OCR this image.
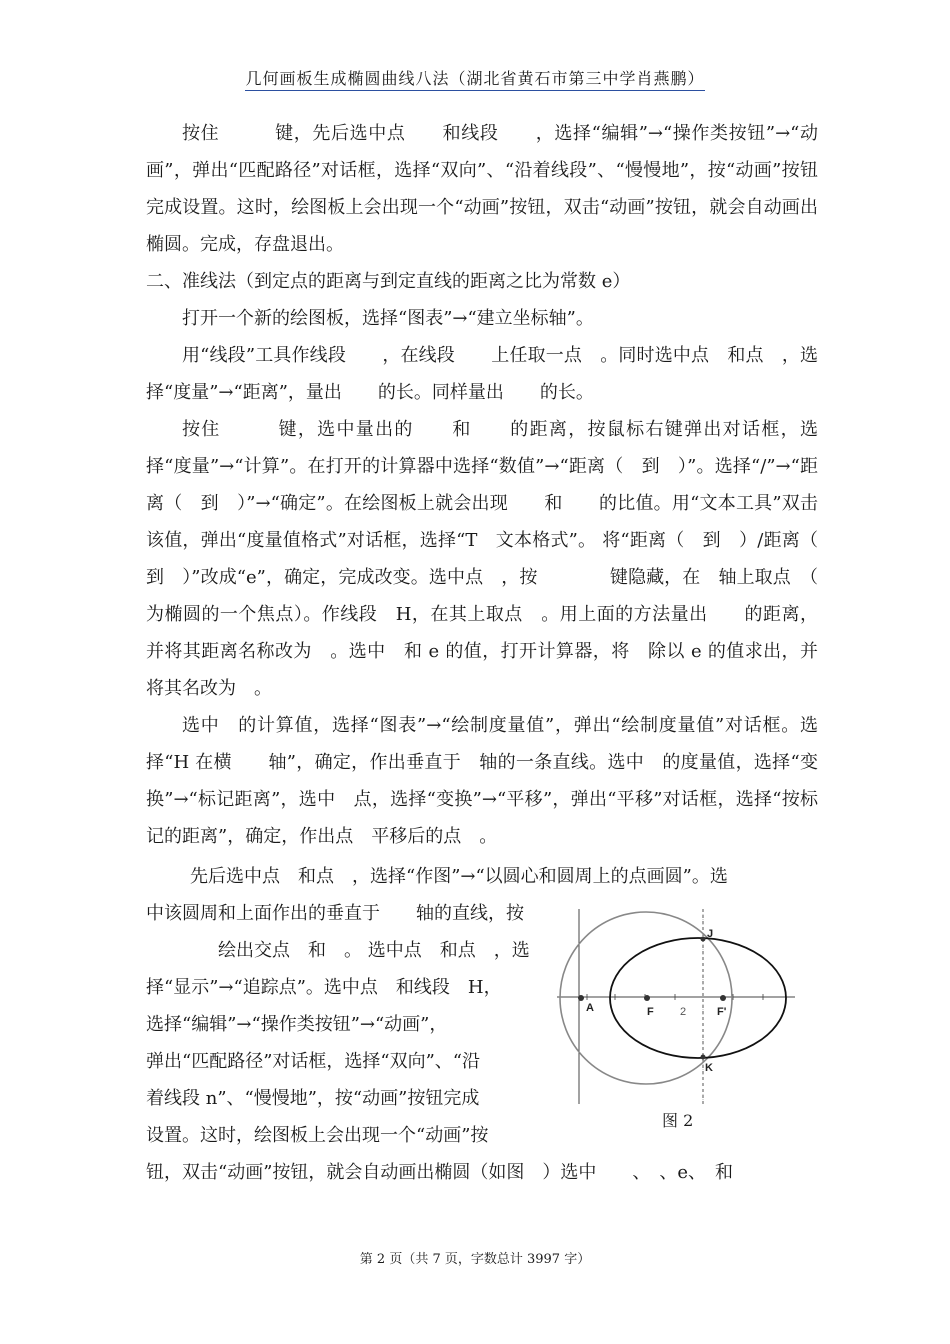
几何画板生成椭圆曲线八法（湖北省黄石市第三中学肖燕鹏）

按住　　　键，先后选中点　　和线段　　，选择“编辑”→“操作类按钮”→“动画”，弹出“匹配路径”对话框，选择“双向”、“沿着线段”、“慢慢地”，按“动画”按钮完成设置。这时，绘图板上会出现一个“动画”按钮，双击“动画”按钮，就会自动画出椭圆。完成，存盘退出。

二、准线法（到定点的距离与到定直线的距离之比为常数 e）

打开一个新的绘图板，选择“图表”→“建立坐标轴”。

用“线段”工具作线段　　，在线段　　上任取一点　。同时选中点　和点　，选择“度量”→“距离”，量出　　的长。同样量出　　的长。

按住　　　键，选中量出的　　和　　的距离，按鼠标右键弹出对话框，选择“度量”→“计算”。在打开的计算器中选择“数值”→“距离（　到　）”。选择“/”→“距离（　到　）”→“确定”。在绘图板上就会出现　　和　　的比值。用“文本工具”双击该值，弹出“度量值格式”对话框，选择“T　文本格式”。 将“距离（　到　）/距离（　到　）”改成“e”，确定，完成改变。选中点　，按　　　　键隐藏，在　轴上取点　（　为椭圆的一个焦点）。作线段　H，在其上取点　。用上面的方法量出　　的距离，并将其距离名称改为　。选中　和 e 的值，打开计算器，将　除以 e 的值求出，并将其名改为　。

选中　的计算值，选择“图表”→“绘制度量值”，弹出“绘制度量值”对话框。选择“H 在横　　轴”，确定，作出垂直于　轴的一条直线。选中　的度量值，选择“变换”→“标记距离”，选中　点，选择“变换”→“平移”，弹出“平移”对话框，选择“按标记的距离”，确定，作出点　平移后的点　。

先后选中点　和点　，选择“作图”→“以圆心和圆周上的点画圆”。选

中该圆周和上面作出的垂直于　　轴的直线，按

　　　　绘出交点　和　。 选中点　和点　，选

择“显示”→“追踪点”。选中点　和线段　H，

选择“编辑”→“操作类按钮”→“动画”，

弹出“匹配路径”对话框，选择“双向”、“沿

着线段 n”、“慢慢地”，按“动画”按钮完成

设置。这时，绘图板上会出现一个“动画”按

钮，双击“动画”按钮，就会自动画出椭圆（如图　）选中　　、　、e、　和

A	F 2	F'
J
K
图 2
第 2 页（共 7 页，字数总计 3997 字）
